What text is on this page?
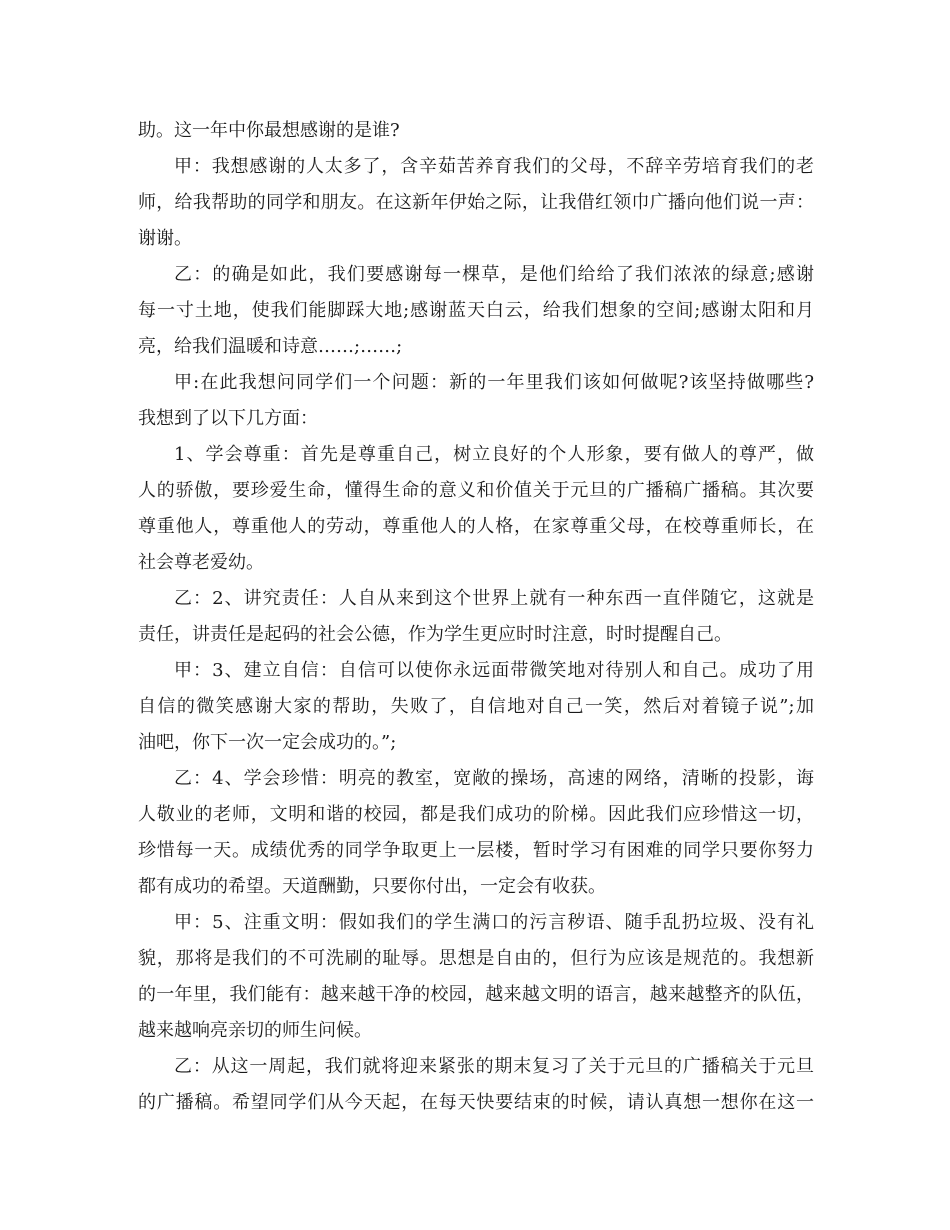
助。这一年中你最想感谢的是谁?
甲：我想感谢的人太多了，含辛茹苦养育我们的父母，不辞辛劳培育我们的老
师，给我帮助的同学和朋友。在这新年伊始之际，让我借红领巾广播向他们说一声：
谢谢。
乙：的确是如此，我们要感谢每一棵草，是他们给给了我们浓浓的绿意;感谢
每一寸土地，使我们能脚踩大地;感谢蓝天白云，给我们想象的空间;感谢太阳和月
亮，给我们温暖和诗意……;……;
甲:在此我想问同学们一个问题：新的一年里我们该如何做呢?该坚持做哪些?
我想到了以下几方面：
1、学会尊重：首先是尊重自己，树立良好的个人形象，要有做人的尊严，做
人的骄傲，要珍爱生命，懂得生命的意义和价值关于元旦的广播稿广播稿。其次要
尊重他人，尊重他人的劳动，尊重他人的人格，在家尊重父母，在校尊重师长，在
社会尊老爱幼。
乙：2、讲究责任：人自从来到这个世界上就有一种东西一直伴随它，这就是
责任，讲责任是起码的社会公德，作为学生更应时时注意，时时提醒自己。
甲：3、建立自信：自信可以使你永远面带微笑地对待别人和自己。成功了用
自信的微笑感谢大家的帮助，失败了，自信地对自己一笑，然后对着镜子说”;加
油吧，你下一次一定会成功的。”;
乙：4、学会珍惜：明亮的教室，宽敞的操场，高速的网络，清晰的投影，诲
人敬业的老师，文明和谐的校园，都是我们成功的阶梯。因此我们应珍惜这一切，
珍惜每一天。成绩优秀的同学争取更上一层楼，暂时学习有困难的同学只要你努力
都有成功的希望。天道酬勤，只要你付出，一定会有收获。
甲：5、注重文明：假如我们的学生满口的污言秽语、随手乱扔垃圾、没有礼
貌，那将是我们的不可洗刷的耻辱。思想是自由的，但行为应该是规范的。我想新
的一年里，我们能有：越来越干净的校园，越来越文明的语言，越来越整齐的队伍，
越来越响亮亲切的师生问候。
乙：从这一周起，我们就将迎来紧张的期末复习了关于元旦的广播稿关于元旦
的广播稿。希望同学们从今天起，在每天快要结束的时候，请认真想一想你在这一
